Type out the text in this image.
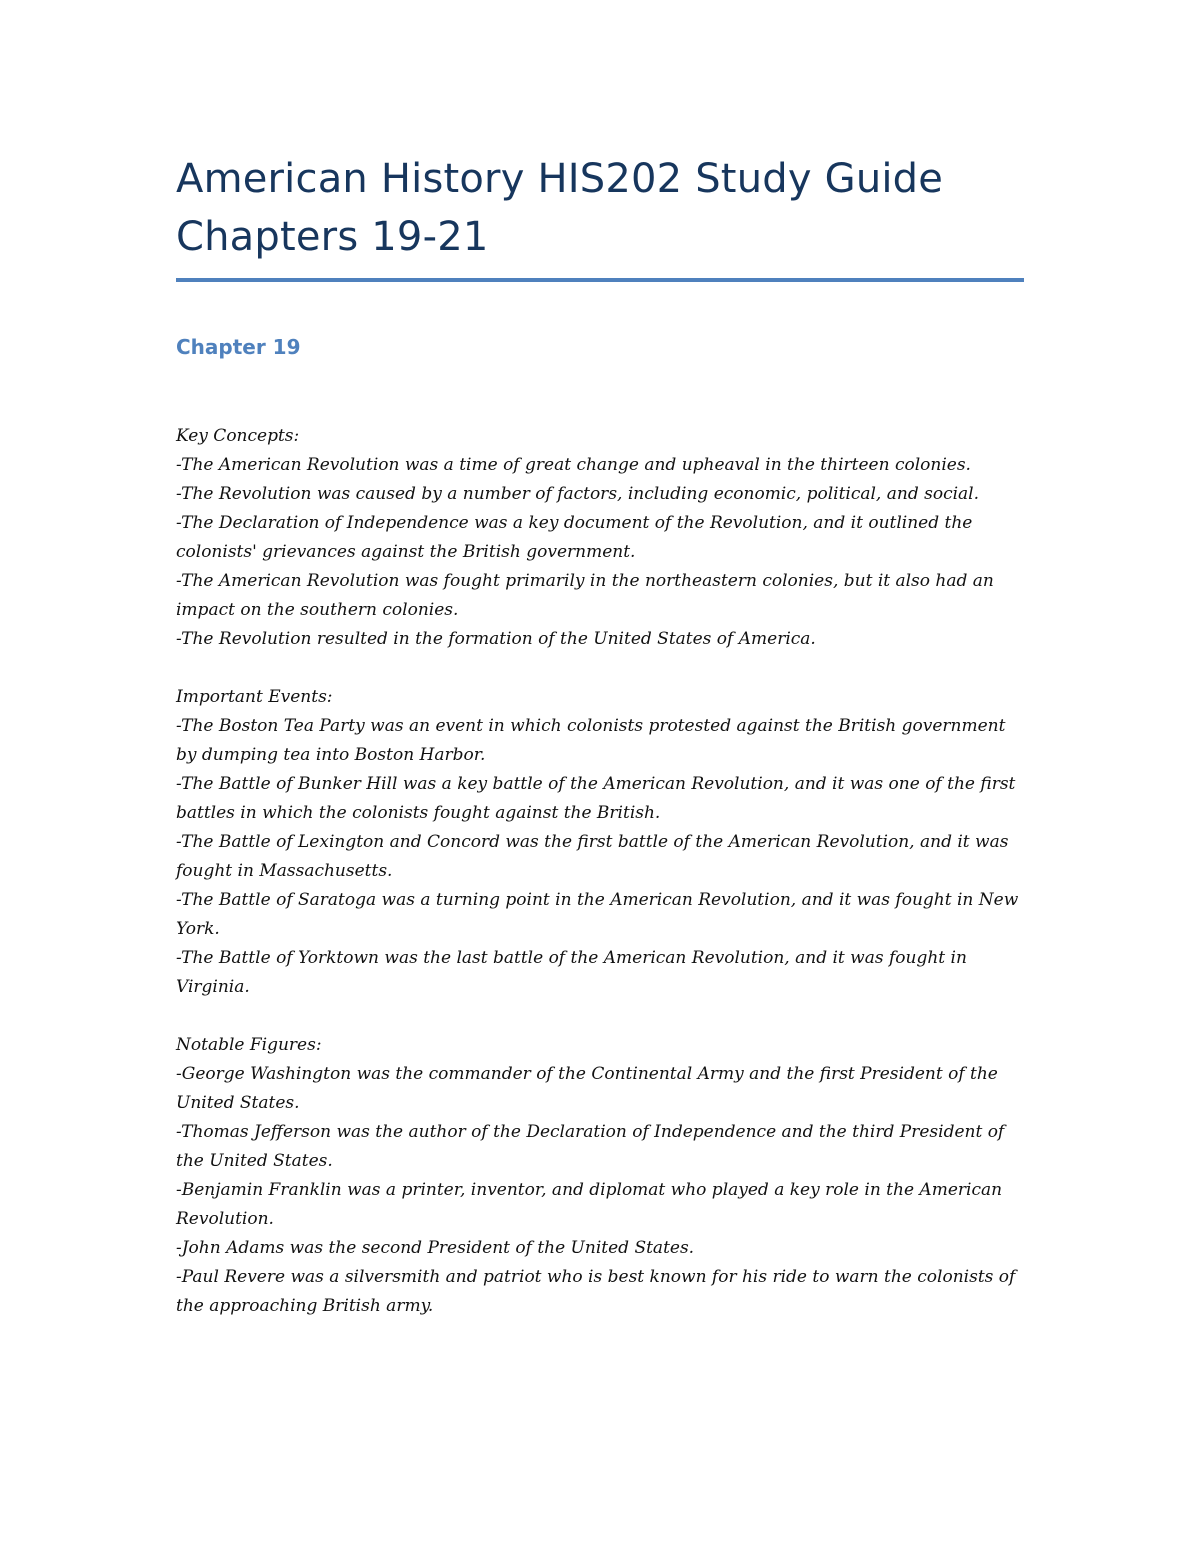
American History HIS202 Study Guide
Chapters 19-21
Chapter 19

Key Concepts:

-The American Revolution was a time of great change and upheaval in the thirteen colonies.

-The Revolution was caused by a number of factors, including economic, political, and social.

-The Declaration of Independence was a key document of the Revolution, and it outlined the colonists' grievances against the British government.

-The American Revolution was fought primarily in the northeastern colonies, but it also had an impact on the southern colonies.

-The Revolution resulted in the formation of the United States of America.

Important Events:

-The Boston Tea Party was an event in which colonists protested against the British government by dumping tea into Boston Harbor.

-The Battle of Bunker Hill was a key battle of the American Revolution, and it was one of the first battles in which the colonists fought against the British.

-The Battle of Lexington and Concord was the first battle of the American Revolution, and it was fought in Massachusetts.

-The Battle of Saratoga was a turning point in the American Revolution, and it was fought in New York.

-The Battle of Yorktown was the last battle of the American Revolution, and it was fought in Virginia.

Notable Figures:

-George Washington was the commander of the Continental Army and the first President of the United States.

-Thomas Jefferson was the author of the Declaration of Independence and the third President of the United States.

-Benjamin Franklin was a printer, inventor, and diplomat who played a key role in the American Revolution.

-John Adams was the second President of the United States.

-Paul Revere was a silversmith and patriot who is best known for his ride to warn the colonists of the approaching British army.
